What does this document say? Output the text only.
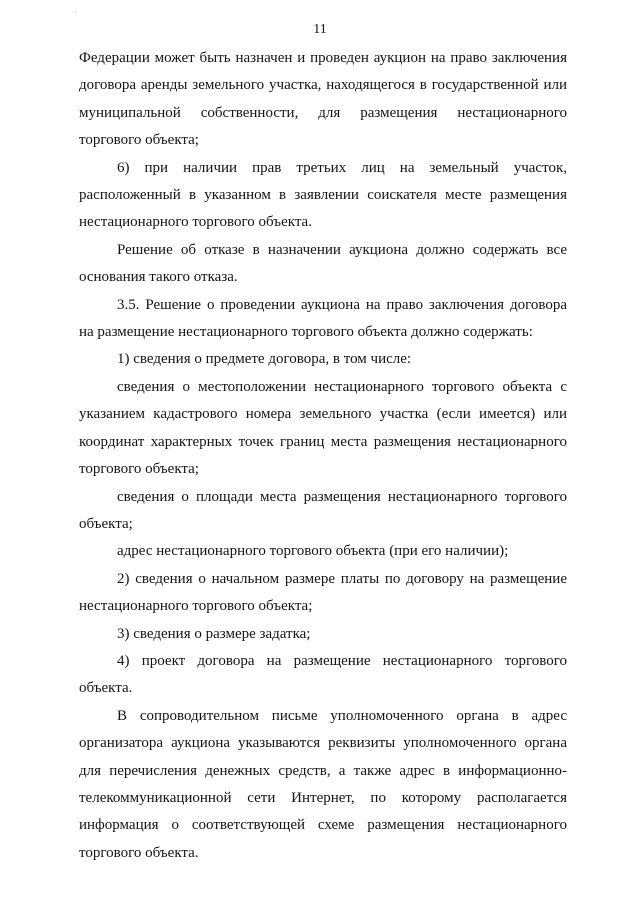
·
11

Федерации может быть назначен и проведен аукцион на право заключения договора аренды земельного участка, находящегося в государственной или муниципальной собственности, для размещения нестационарного торгового объекта;

6) при наличии прав третьих лиц на земельный участок, расположенный в указанном в заявлении соискателя месте размещения нестационарного торгового объекта.

Решение об отказе в назначении аукциона должно содержать все основания такого отказа.

3.5. Решение о проведении аукциона на право заключения договора на размещение нестационарного торгового объекта должно содержать:

1) сведения о предмете договора, в том числе:

сведения о местоположении нестационарного торгового объекта с указанием кадастрового номера земельного участка (если имеется) или координат характерных точек границ места размещения нестационарного торгового объекта;

сведения о площади места размещения нестационарного торгового объекта;

адрес нестационарного торгового объекта (при его наличии);

2) сведения о начальном размере платы по договору на размещение нестационарного торгового объекта;

3) сведения о размере задатка;

4) проект договора на размещение нестационарного торгового объекта.

В сопроводительном письме уполномоченного органа в адрес организатора аукциона указываются реквизиты уполномоченного органа для перечисления денежных средств, а также адрес в информационно-телекоммуникационной сети Интернет, по которому располагается информация о соответствующей схеме размещения нестационарного торгового объекта.
